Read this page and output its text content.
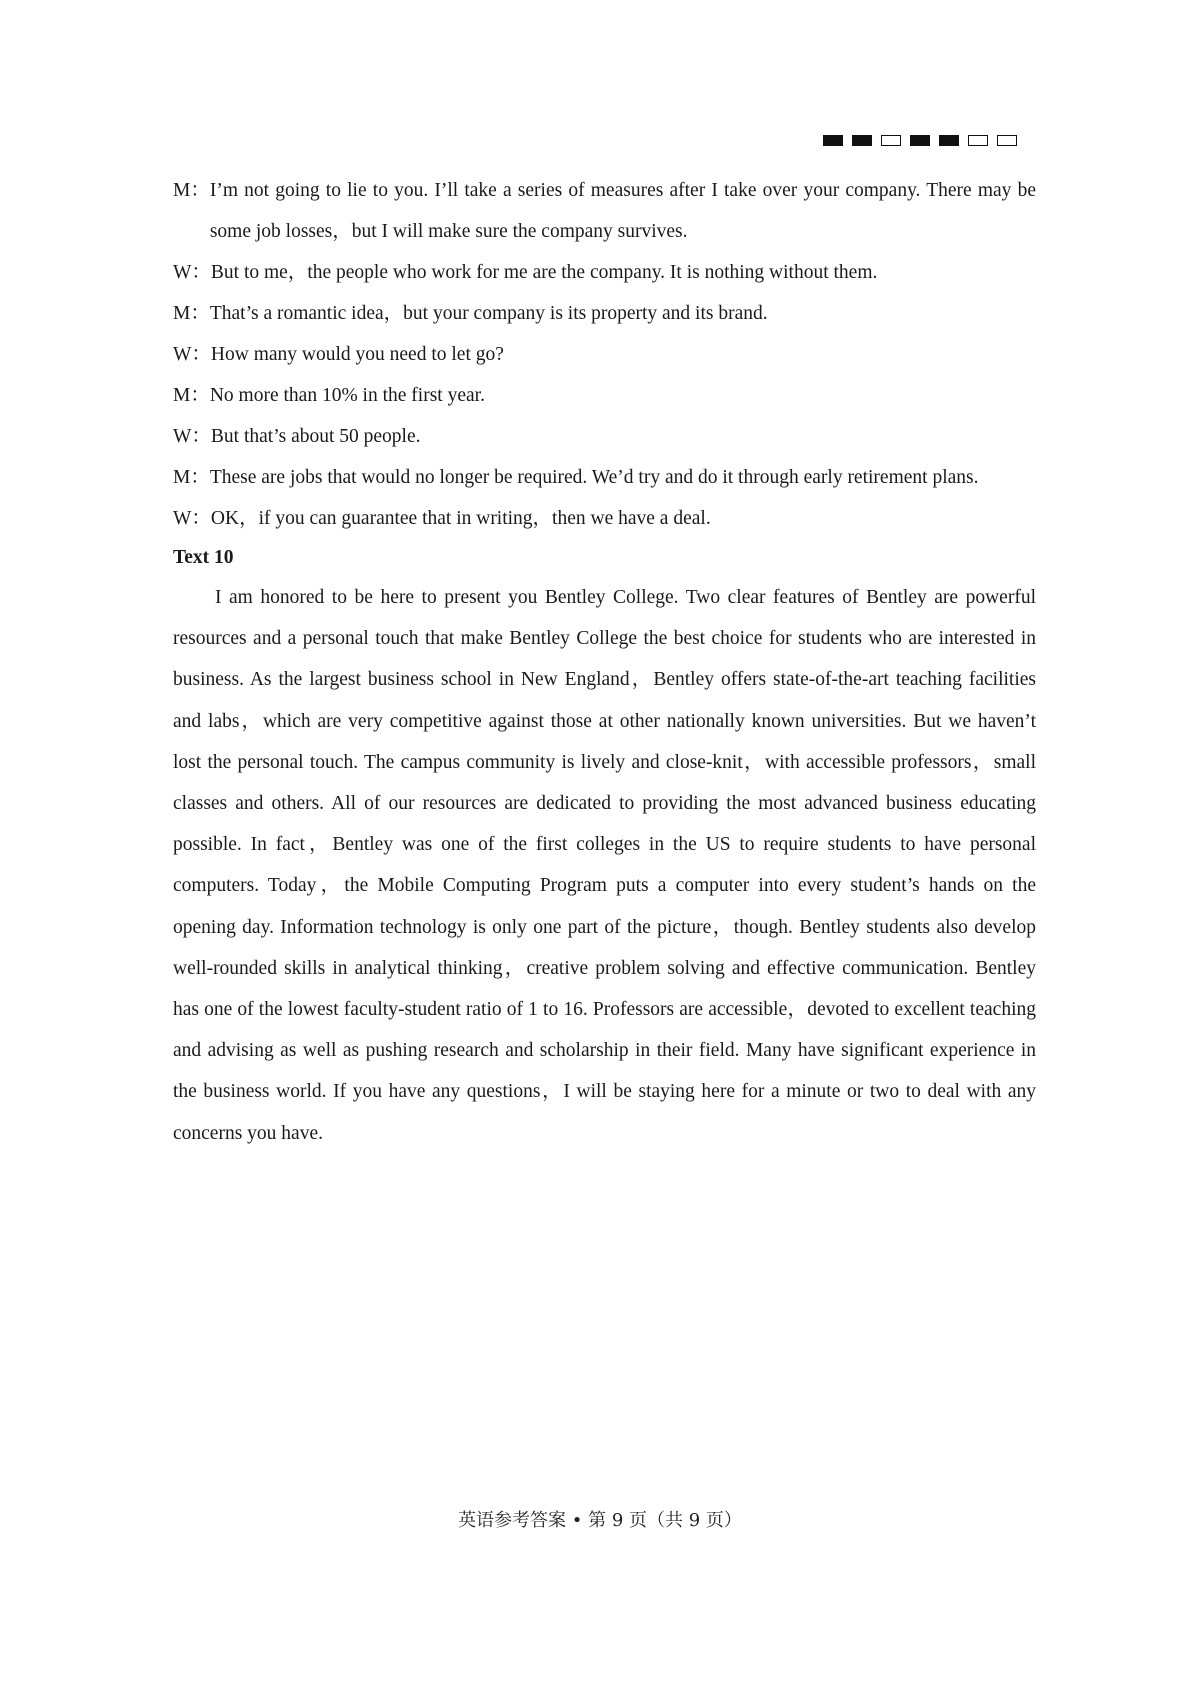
M： I’m not going to lie to you. I’ll take a series of measures after I take over your company. There may be some job losses，but I will make sure the company survives.
W： But to me，the people who work for me are the company. It is nothing without them.
M： That’s a romantic idea，but your company is its property and its brand.
W： How many would you need to let go?
M： No more than 10% in the first year.
W： But that’s about 50 people.
M： These are jobs that would no longer be required. We’d try and do it through early retirement plans.
W： OK，if you can guarantee that in writing，then we have a deal.
Text 10

I am honored to be here to present you Bentley College. Two clear features of Bentley are powerful resources and a personal touch that make Bentley College the best choice for students who are interested in business. As the largest business school in New England，Bentley offers state-of-the-art teaching facilities and labs，which are very competitive against those at other nationally known universities. But we haven’t lost the personal touch. The campus community is lively and close-knit，with accessible professors，small classes and others. All of our resources are dedicated to providing the most advanced business educating possible. In fact，Bentley was one of the first colleges in the US to require students to have personal computers. Today，the Mobile Computing Program puts a computer into every student’s hands on the opening day. Information technology is only one part of the picture，though. Bentley students also develop well-rounded skills in analytical thinking，creative problem solving and effective communication. Bentley has one of the lowest faculty-student ratio of 1 to 16. Professors are accessible，devoted to excellent teaching and advising as well as pushing research and scholarship in their field. Many have significant experience in the business world. If you have any questions，I will be staying here for a minute or two to deal with any concerns you have.

英语参考答案 • 第 9 页（共 9 页）
